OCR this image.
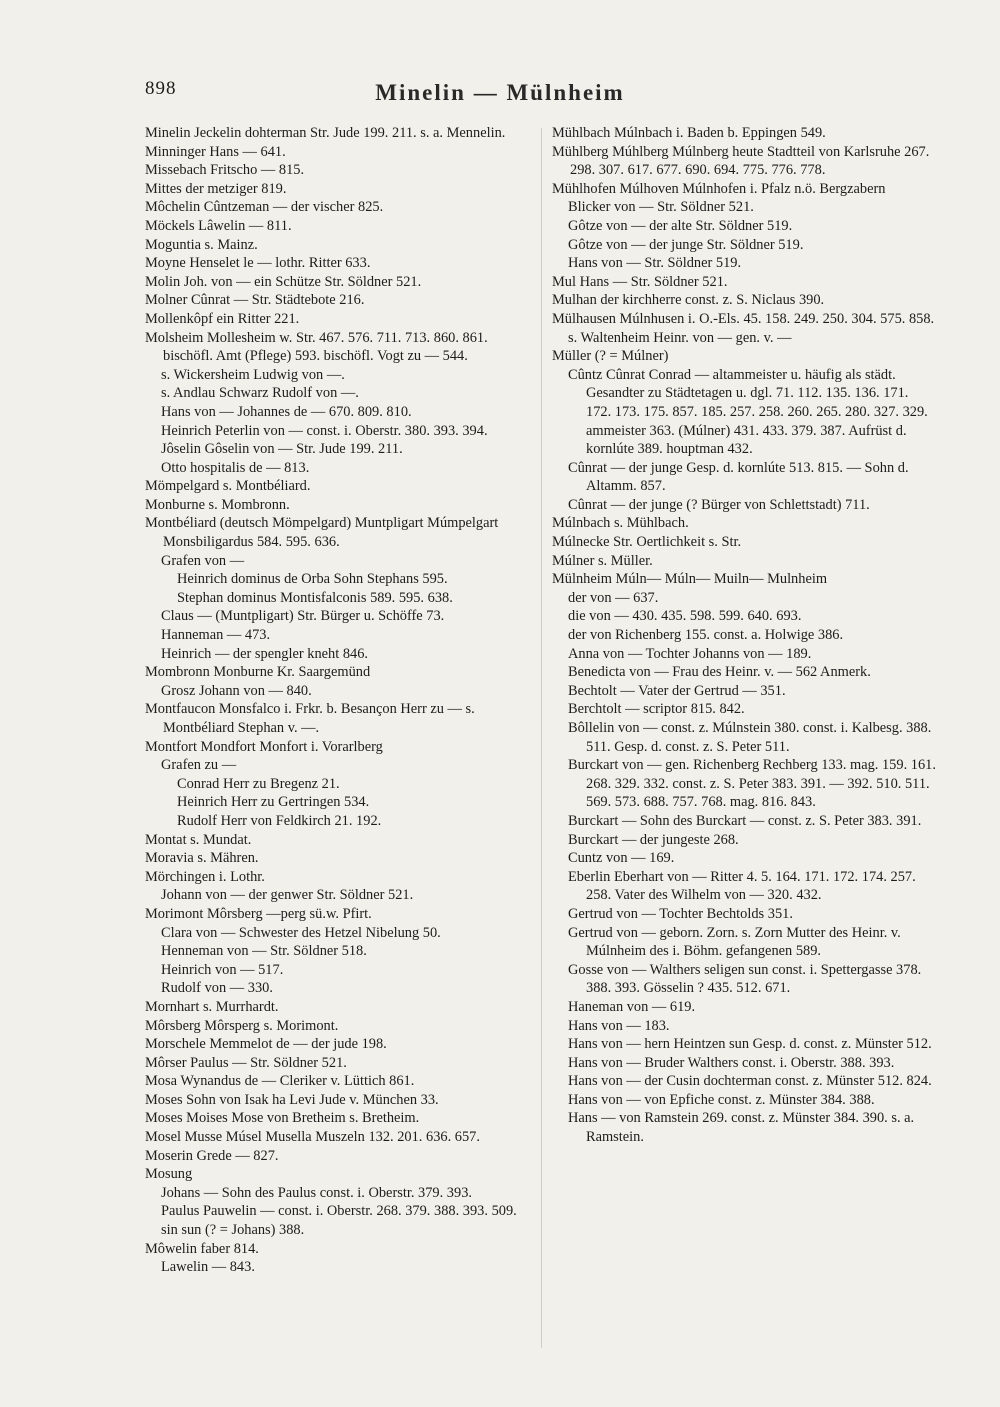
898	Minelin — Mülnheim

Minelin Jeckelin dohterman Str. Jude 199. 211. s. a. Mennelin.

Minninger Hans — 641.

Missebach Fritscho — 815.

Mittes der metziger 819.

Môchelin Cûntzeman — der vischer 825.

Möckels Lâwelin — 811.

Moguntia s. Mainz.

Moyne Henselet le — lothr. Ritter 633.

Molin Joh. von — ein Schütze Str. Söldner 521.

Molner Cûnrat — Str. Städtebote 216.

Mollenkôpf ein Ritter 221.

Molsheim Mollesheim w. Str. 467. 576. 711. 713. 860. 861. bischöfl. Amt (Pflege) 593. bischöfl. Vogt zu — 544.

s. Wickersheim Ludwig von —.

s. Andlau Schwarz Rudolf von —.

Hans von — Johannes de — 670. 809. 810.

Heinrich Peterlin von — const. i. Oberstr. 380. 393. 394.

Jôselin Gôselin von — Str. Jude 199. 211.

Otto hospitalis de — 813.

Mömpelgard s. Montbéliard.

Monburne s. Mombronn.

Montbéliard (deutsch Mömpelgard) Muntpligart Múmpelgart Monsbiligardus 584. 595. 636.

Grafen von —

Heinrich dominus de Orba Sohn Stephans 595.

Stephan dominus Montisfalconis 589. 595. 638.

Claus — (Muntpligart) Str. Bürger u. Schöffe 73.

Hanneman — 473.

Heinrich — der spengler kneht 846.

Mombronn Monburne Kr. Saargemünd

Grosz Johann von — 840.

Montfaucon Monsfalco i. Frkr. b. Besançon Herr zu — s. Montbéliard Stephan v. —.

Montfort Mondfort Monfort i. Vorarlberg

Grafen zu —

Conrad Herr zu Bregenz 21.

Heinrich Herr zu Gertringen 534.

Rudolf Herr von Feldkirch 21. 192.

Montat s. Mundat.

Moravia s. Mähren.

Mörchingen i. Lothr.

Johann von — der genwer Str. Söldner 521.

Morimont Môrsberg —perg sü.w. Pfirt.

Clara von — Schwester des Hetzel Nibelung 50.

Henneman von — Str. Söldner 518.

Heinrich von — 517.

Rudolf von — 330.

Mornhart s. Murrhardt.

Môrsberg Môrsperg s. Morimont.

Morschele Memmelot de — der jude 198.

Môrser Paulus — Str. Söldner 521.

Mosa Wynandus de — Cleriker v. Lüttich 861.

Moses Sohn von Isak ha Levi Jude v. München 33.

Moses Moises Mose von Bretheim s. Bretheim.

Mosel Musse Músel Musella Muszeln 132. 201. 636. 657.

Moserin Grede — 827.

Mosung

Johans — Sohn des Paulus const. i. Oberstr. 379. 393.

Paulus Pauwelin — const. i. Oberstr. 268. 379. 388. 393. 509.

sin sun (? = Johans) 388.

Môwelin faber 814.

Lawelin — 843.

Mühlbach Múlnbach i. Baden b. Eppingen 549.

Mühlberg Múhlberg Múlnberg heute Stadtteil von Karlsruhe 267. 298. 307. 617. 677. 690. 694. 775. 776. 778.

Mühlhofen Múlhoven Múlnhofen i. Pfalz n.ö. Bergzabern

Blicker von — Str. Söldner 521.

Gôtze von — der alte Str. Söldner 519.

Gôtze von — der junge Str. Söldner 519.

Hans von — Str. Söldner 519.

Mul Hans — Str. Söldner 521.

Mulhan der kirchherre const. z. S. Niclaus 390.

Mülhausen Múlnhusen i. O.-Els. 45. 158. 249. 250. 304. 575. 858.

s. Waltenheim Heinr. von — gen. v. —

Müller (? = Múlner)

Cûntz Cûnrat Conrad — altammeister u. häufig als städt. Gesandter zu Städtetagen u. dgl. 71. 112. 135. 136. 171. 172. 173. 175. 857. 185. 257. 258. 260. 265. 280. 327. 329. ammeister 363. (Múlner) 431. 433. 379. 387. Aufrüst d. kornlúte 389. houptman 432.

Cûnrat — der junge Gesp. d. kornlúte 513. 815. — Sohn d. Altamm. 857.

Cûnrat — der junge (? Bürger von Schlettstadt) 711.

Múlnbach s. Mühlbach.

Múlnecke Str. Oertlichkeit s. Str.

Múlner s. Müller.

Mülnheim Múln— Múln— Muiln— Mulnheim

der von — 637.

die von — 430. 435. 598. 599. 640. 693.

der von Richenberg 155. const. a. Holwige 386.

Anna von — Tochter Johanns von — 189.

Benedicta von — Frau des Heinr. v. — 562 Anmerk.

Bechtolt — Vater der Gertrud — 351.

Berchtolt — scriptor 815. 842.

Bôllelin von — const. z. Múlnstein 380. const. i. Kalbesg. 388. 511. Gesp. d. const. z. S. Peter 511.

Burckart von — gen. Richenberg Rechberg 133. mag. 159. 161. 268. 329. 332. const. z. S. Peter 383. 391. — 392. 510. 511. 569. 573. 688. 757. 768. mag. 816. 843.

Burckart — Sohn des Burckart — const. z. S. Peter 383. 391.

Burckart — der jungeste 268.

Cuntz von — 169.

Eberlin Eberhart von — Ritter 4. 5. 164. 171. 172. 174. 257. 258. Vater des Wilhelm von — 320. 432.

Gertrud von — Tochter Bechtolds 351.

Gertrud von — geborn. Zorn. s. Zorn Mutter des Heinr. v. Múlnheim des i. Böhm. gefangenen 589.

Gosse von — Walthers seligen sun const. i. Spettergasse 378. 388. 393. Gösselin ? 435. 512. 671.

Haneman von — 619.

Hans von — 183.

Hans von — hern Heintzen sun Gesp. d. const. z. Münster 512.

Hans von — Bruder Walthers const. i. Oberstr. 388. 393.

Hans von — der Cusin dochterman const. z. Münster 512. 824.

Hans von — von Epfiche const. z. Münster 384. 388.

Hans — von Ramstein 269. const. z. Münster 384. 390. s. a. Ramstein.
